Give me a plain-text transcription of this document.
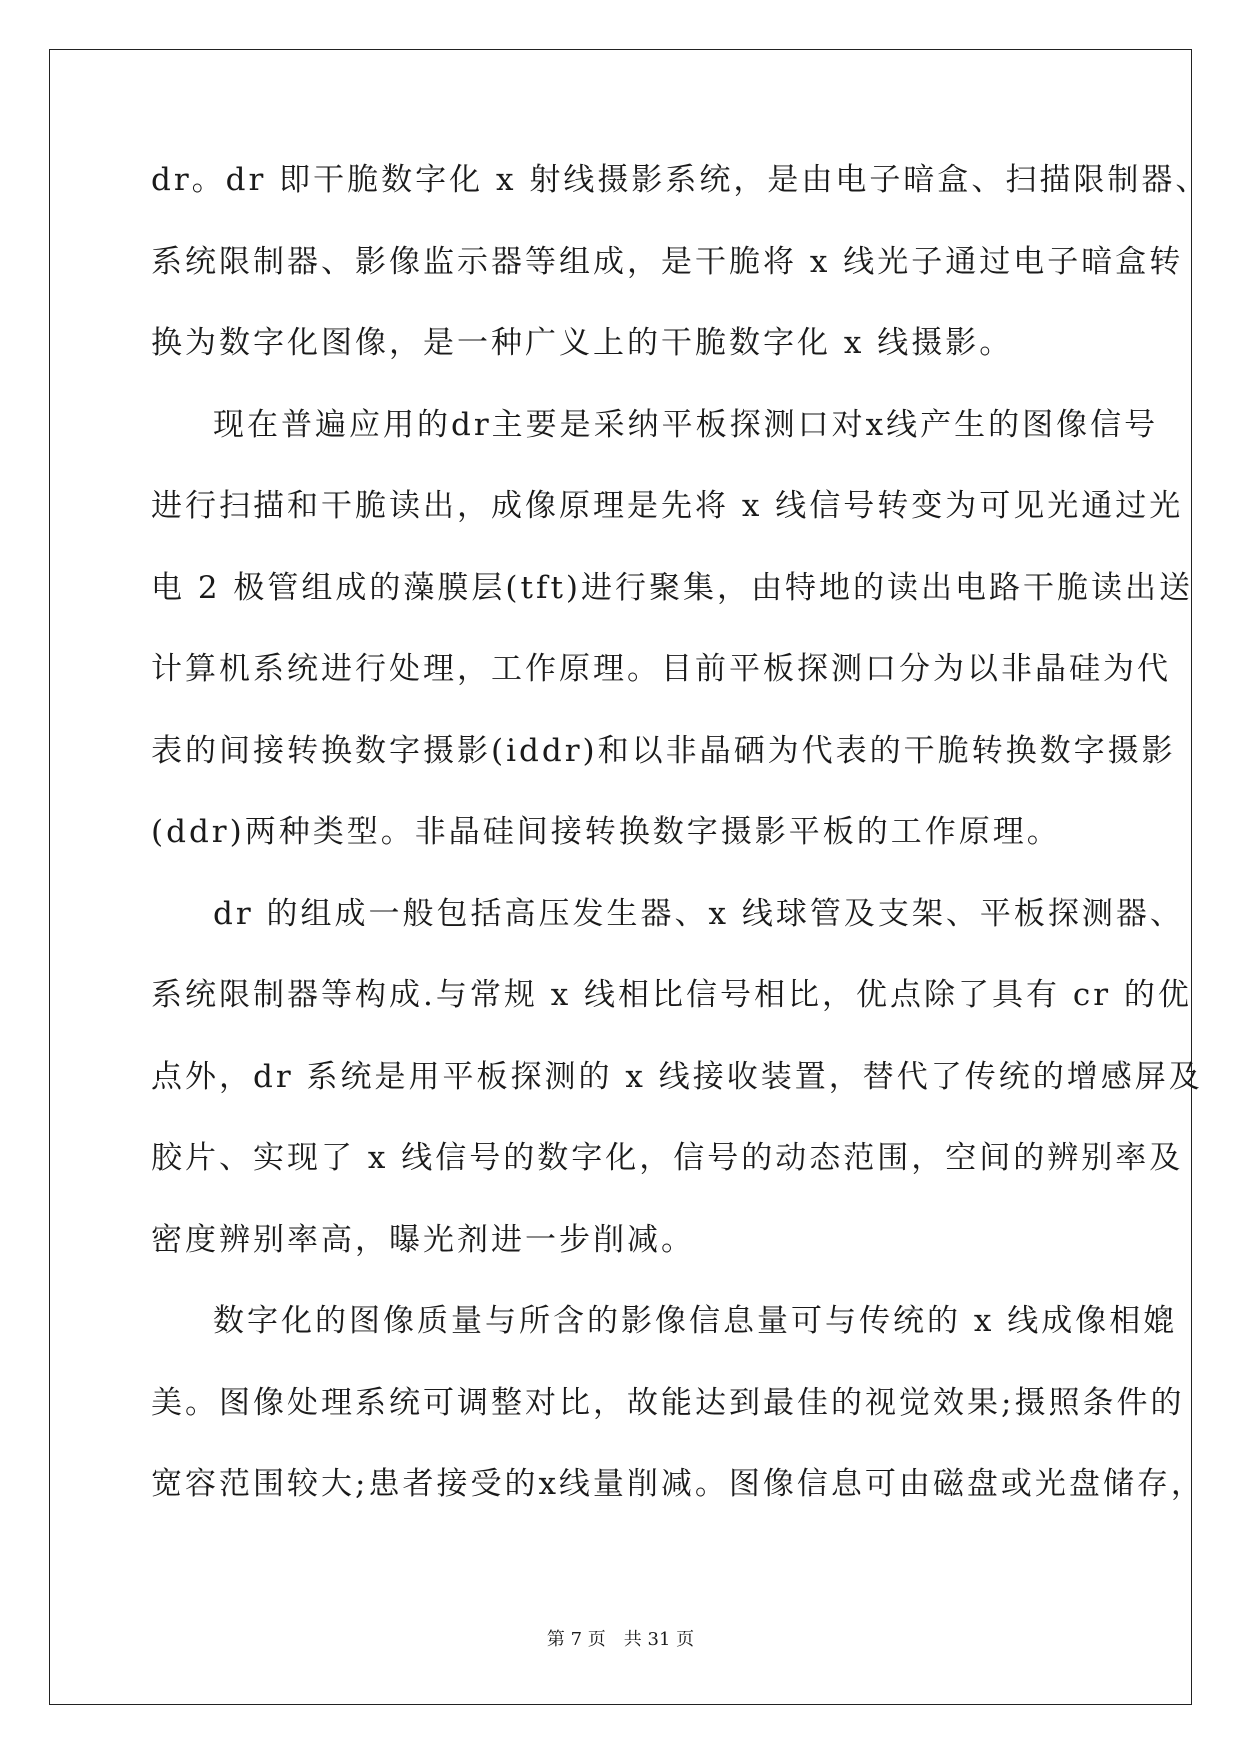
dr。dr 即干脆数字化 x 射线摄影系统，是由电子暗盒、扫描限制器、
系统限制器、影像监示器等组成，是干脆将 x 线光子通过电子暗盒转
换为数字化图像，是一种广义上的干脆数字化 x 线摄影。
现在普遍应用的dr主要是采纳平板探测口对x线产生的图像信号
进行扫描和干脆读出，成像原理是先将 x 线信号转变为可见光通过光
电 2 极管组成的藻膜层(tft)进行聚集，由特地的读出电路干脆读出送
计算机系统进行处理，工作原理。目前平板探测口分为以非晶硅为代
表的间接转换数字摄影(iddr)和以非晶硒为代表的干脆转换数字摄影
(ddr)两种类型。非晶硅间接转换数字摄影平板的工作原理。
dr 的组成一般包括高压发生器、x 线球管及支架、平板探测器、
系统限制器等构成.与常规 x 线相比信号相比，优点除了具有 cr 的优
点外，dr 系统是用平板探测的 x 线接收装置，替代了传统的增感屏及
胶片、实现了 x 线信号的数字化，信号的动态范围，空间的辨别率及
密度辨别率高，曝光剂进一步削减。
数字化的图像质量与所含的影像信息量可与传统的 x 线成像相媲
美。图像处理系统可调整对比，故能达到最佳的视觉效果;摄照条件的
宽容范围较大;患者接受的x线量削减。图像信息可由磁盘或光盘储存，
第 7 页　共 31 页
